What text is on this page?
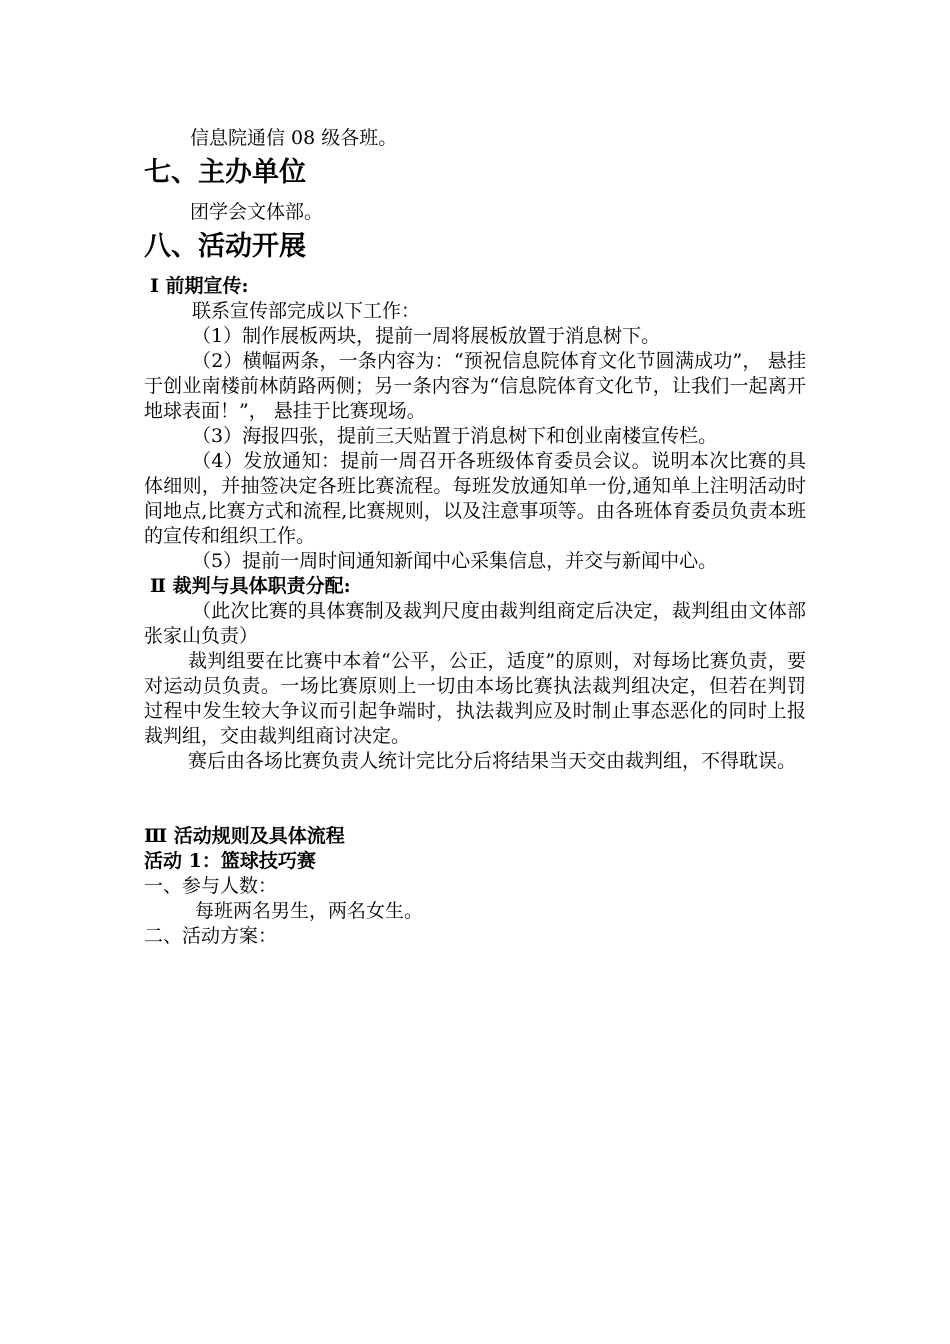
信息院通信 08 级各班。
七、主办单位
团学会文体部。
八、活动开展
Ⅰ 前期宣传:
联系宣传部完成以下工作：
（1）制作展板两块，提前一周将展板放置于消息树下。
（2）横幅两条，一条内容为：“预祝信息院体育文化节圆满成功”， 悬挂于创业南楼前林荫路两侧；另一条内容为“信息院体育文化节，让我们一起离开地球表面！”， 悬挂于比赛现场。
（3）海报四张，提前三天贴置于消息树下和创业南楼宣传栏。
（4）发放通知：提前一周召开各班级体育委员会议。说明本次比赛的具体细则，并抽签决定各班比赛流程。每班发放通知单一份,通知单上注明活动时间地点,比赛方式和流程,比赛规则，以及注意事项等。由各班体育委员负责本班的宣传和组织工作。
（5）提前一周时间通知新闻中心采集信息，并交与新闻中心。
Ⅱ 裁判与具体职责分配:
（此次比赛的具体赛制及裁判尺度由裁判组商定后决定，裁判组由文体部张家山负责）
裁判组要在比赛中本着“公平，公正，适度”的原则，对每场比赛负责，要对运动员负责。一场比赛原则上一切由本场比赛执法裁判组决定，但若在判罚过程中发生较大争议而引起争端时，执法裁判应及时制止事态恶化的同时上报裁判组，交由裁判组商讨决定。
赛后由各场比赛负责人统计完比分后将结果当天交由裁判组，不得耽误。
Ⅲ 活动规则及具体流程
活动 1：篮球技巧赛
一、参与人数：
每班两名男生，两名女生。
二、活动方案：
